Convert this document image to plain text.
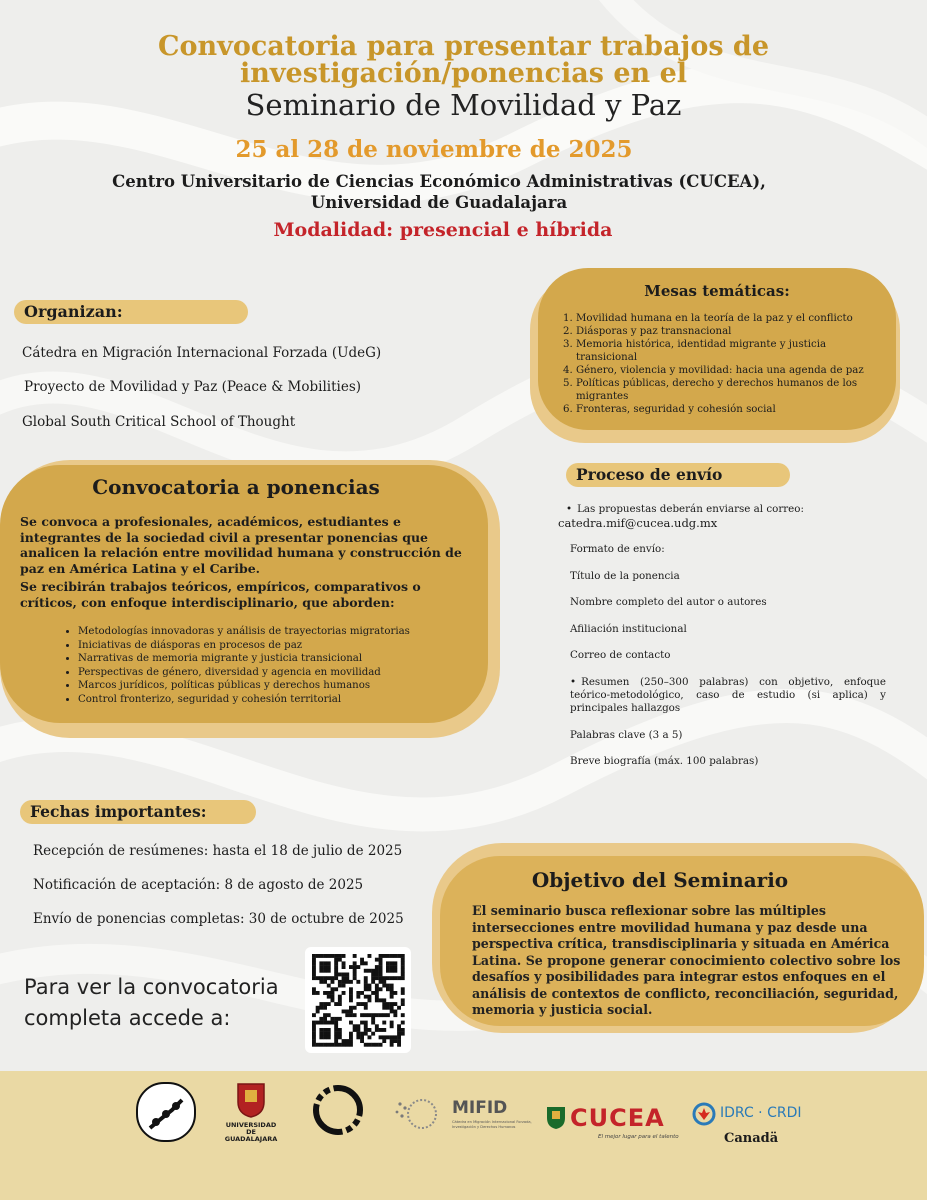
Convocatoria para presentar trabajos de
investigación/ponencias en el
Seminario de Movilidad y Paz
25 al 28 de noviembre de 2025
Centro Universitario de Ciencias Económico Administrativas (CUCEA),
Universidad de Guadalajara
Modalidad: presencial e híbrida
Organizan:
Cátedra en Migración Internacional Forzada (UdeG)
Proyecto de Movilidad y Paz (Peace & Mobilities)
Global South Critical School of Thought
Mesas temáticas:
1. Movilidad humana en la teoría de la paz y el conflicto
2. Diásporas y paz transnacional
3. Memoria histórica, identidad migrante y justicia transicional
4. Género, violencia y movilidad: hacia una agenda de paz
5. Políticas públicas, derecho y derechos humanos de los migrantes
6. Fronteras, seguridad y cohesión social
Convocatoria a ponencias
Se convoca a profesionales, académicos, estudiantes e integrantes de la sociedad civil a presentar ponencias que analicen la relación entre movilidad humana y construcción de paz en América Latina y el Caribe.
Se recibirán trabajos teóricos, empíricos, comparativos o críticos, con enfoque interdisciplinario, que aborden:
• Metodologías innovadoras y análisis de trayectorias migratorias
• Iniciativas de diásporas en procesos de paz
• Narrativas de memoria migrante y justicia transicional
• Perspectivas de género, diversidad y agencia en movilidad
• Marcos jurídicos, políticas públicas y derechos humanos
• Control fronterizo, seguridad y cohesión territorial
Proceso de envío
• Las propuestas deberán enviarse al correo:
catedra.mif@cucea.udg.mx
Formato de envío:
Título de la ponencia
Nombre completo del autor o autores
Afiliación institucional
Correo de contacto
• Resumen (250–300 palabras) con objetivo, enfoque teórico-metodológico, caso de estudio (si aplica) y principales hallazgos
Palabras clave (3 a 5)
Breve biografía (máx. 100 palabras)
Fechas importantes:
Recepción de resúmenes: hasta el 18 de julio de 2025
Notificación de aceptación: 8 de agosto de 2025
Envío de ponencias completas: 30 de octubre de 2025
Objetivo del Seminario
El seminario busca reflexionar sobre las múltiples intersecciones entre movilidad humana y paz desde una perspectiva crítica, transdisciplinaria y situada en América Latina. Se propone generar conocimiento colectivo sobre los desafíos y posibilidades para integrar estos enfoques en el análisis de contextos de conflicto, reconciliación, seguridad, memoria y justicia social.
Para ver la convocatoria
completa accede a:
UNIVERSIDAD DE
GUADALAJARA
MIFID
Cátedra en Migración Internacional Forzada, Investigación y Derechos Humanos	CUCEA
El mejor lugar para el talento
IDRC · CRDI
Canadä
